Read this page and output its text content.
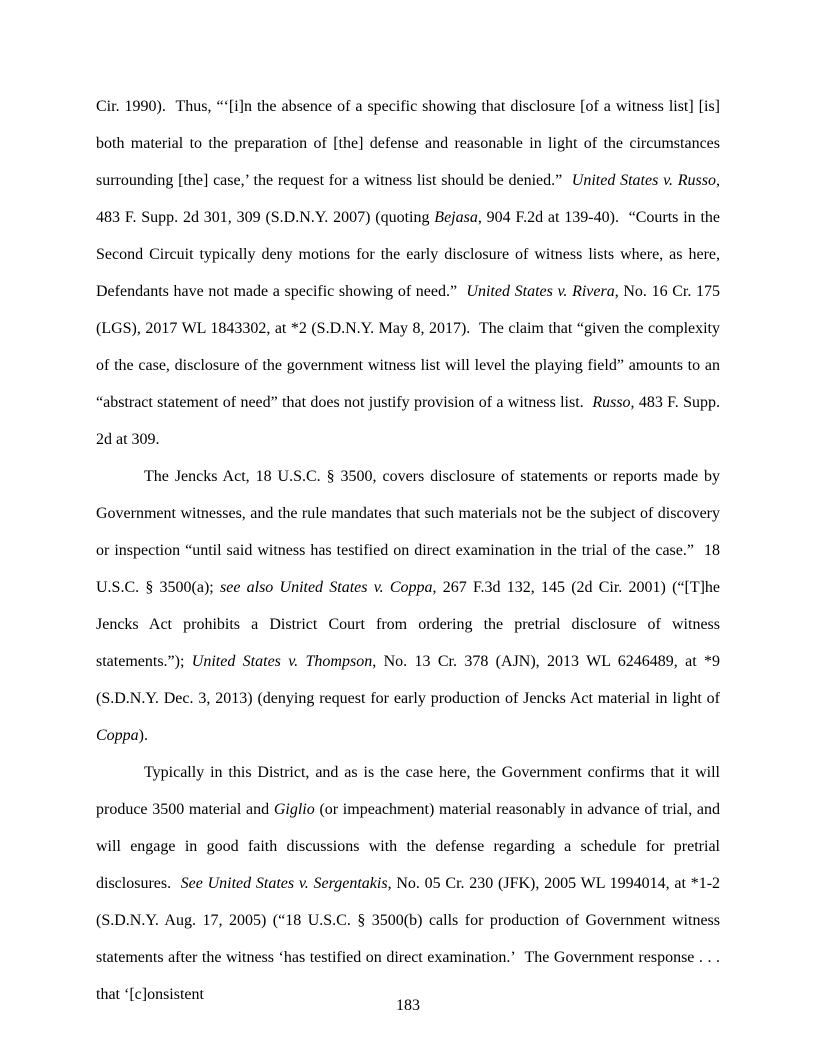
Cir. 1990).  Thus, “‘[i]n the absence of a specific showing that disclosure [of a witness list] [is] both material to the preparation of [the] defense and reasonable in light of the circumstances surrounding [the] case,’ the request for a witness list should be denied.”  United States v. Russo, 483 F. Supp. 2d 301, 309 (S.D.N.Y. 2007) (quoting Bejasa, 904 F.2d at 139-40).  “Courts in the Second Circuit typically deny motions for the early disclosure of witness lists where, as here, Defendants have not made a specific showing of need.”  United States v. Rivera, No. 16 Cr. 175 (LGS), 2017 WL 1843302, at *2 (S.D.N.Y. May 8, 2017).  The claim that “given the complexity of the case, disclosure of the government witness list will level the playing field” amounts to an “abstract statement of need” that does not justify provision of a witness list.  Russo, 483 F. Supp. 2d at 309.

The Jencks Act, 18 U.S.C. § 3500, covers disclosure of statements or reports made by Government witnesses, and the rule mandates that such materials not be the subject of discovery or inspection “until said witness has testified on direct examination in the trial of the case.”  18 U.S.C. § 3500(a); see also United States v. Coppa, 267 F.3d 132, 145 (2d Cir. 2001) (“[T]he Jencks Act prohibits a District Court from ordering the pretrial disclosure of witness statements.”); United States v. Thompson, No. 13 Cr. 378 (AJN), 2013 WL 6246489, at *9 (S.D.N.Y. Dec. 3, 2013) (denying request for early production of Jencks Act material in light of Coppa).

Typically in this District, and as is the case here, the Government confirms that it will produce 3500 material and Giglio (or impeachment) material reasonably in advance of trial, and will engage in good faith discussions with the defense regarding a schedule for pretrial disclosures.  See United States v. Sergentakis, No. 05 Cr. 230 (JFK), 2005 WL 1994014, at *1-2 (S.D.N.Y. Aug. 17, 2005) (“18 U.S.C. § 3500(b) calls for production of Government witness statements after the witness ‘has testified on direct examination.’  The Government response . . . that ‘[c]onsistent

183
